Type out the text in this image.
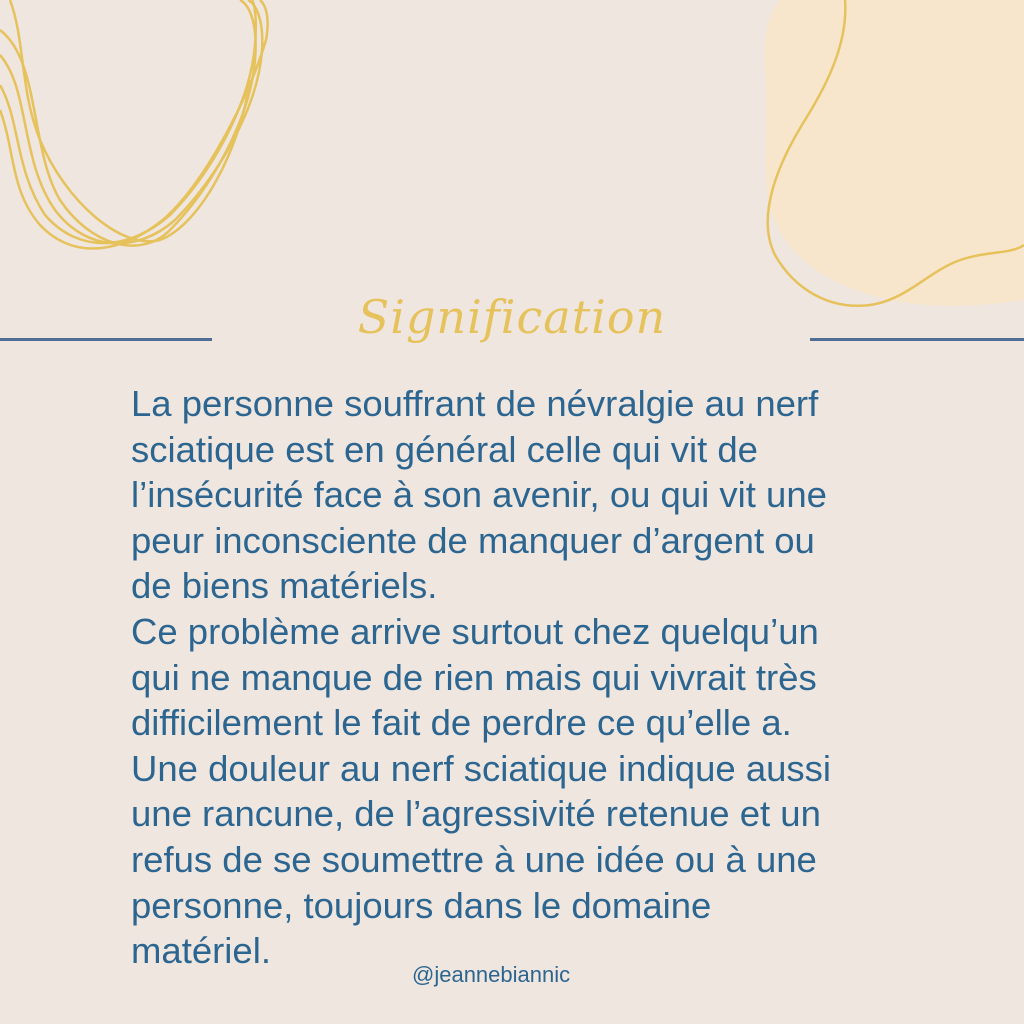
Signification
La personne souffrant de névralgie au nerf
sciatique est en général celle qui vit de
l’insécurité face à son avenir, ou qui vit une
peur inconsciente de manquer d’argent ou
de biens matériels.
Ce problème arrive surtout chez quelqu’un
qui ne manque de rien mais qui vivrait très
difficilement le fait de perdre ce qu’elle a.
Une douleur au nerf sciatique indique aussi
une rancune, de l’agressivité retenue et un
refus de se soumettre à une idée ou à une
personne, toujours dans le domaine
matériel.
@jeannebiannic
